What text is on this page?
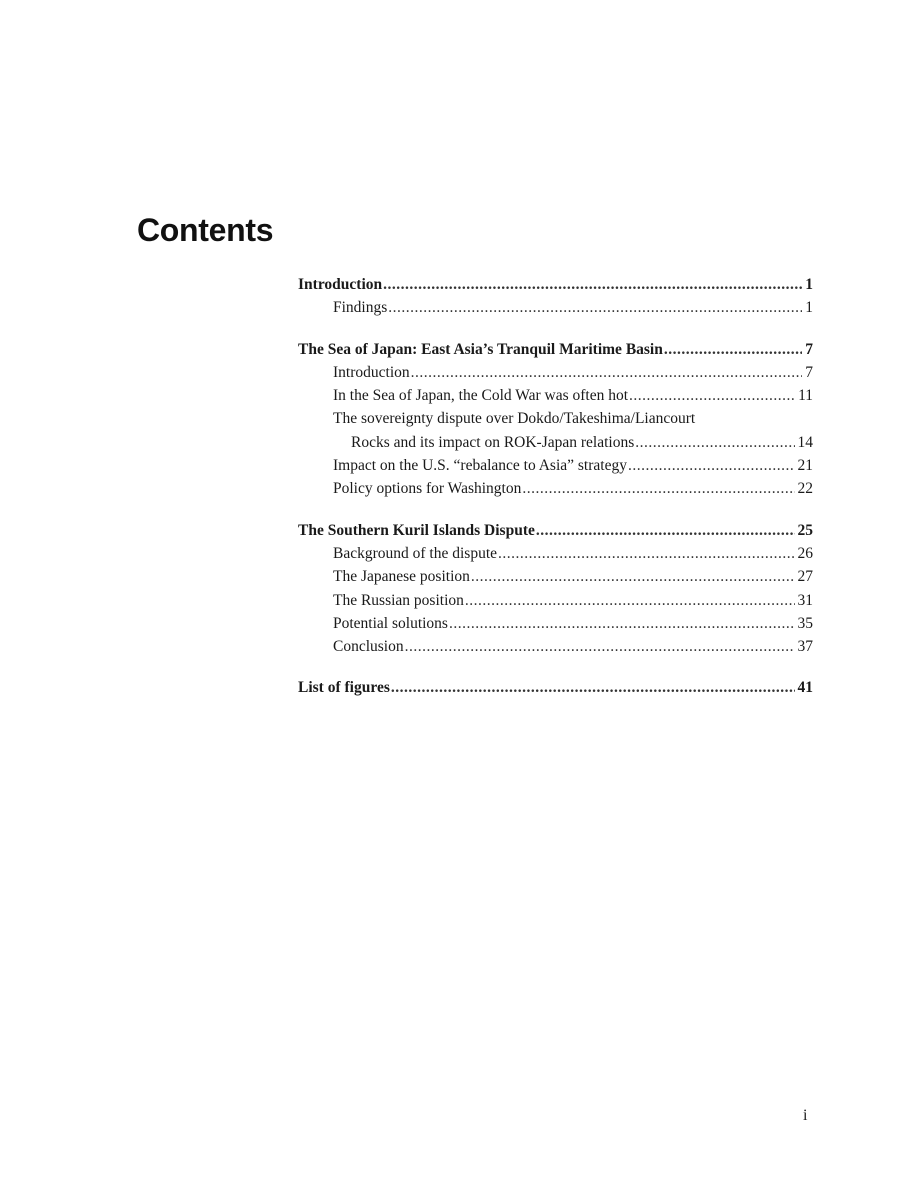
Contents
Introduction .....	1
Findings .....	1
The Sea of Japan: East Asia’s Tranquil Maritime Basin .....	7
Introduction .....	7
In the Sea of Japan, the Cold War was often hot .....	11
The sovereignty dispute over Dokdo/Takeshima/Liancourt
Rocks and its impact on ROK-Japan relations .....	14
Impact on the U.S. “rebalance to Asia” strategy .....	21
Policy options for Washington .....	22
The Southern Kuril Islands Dispute .....	25
Background of the dispute .....	26
The Japanese position .....	27
The Russian position .....	31
Potential solutions .....	35
Conclusion .....	37
List of figures .....	41
i
